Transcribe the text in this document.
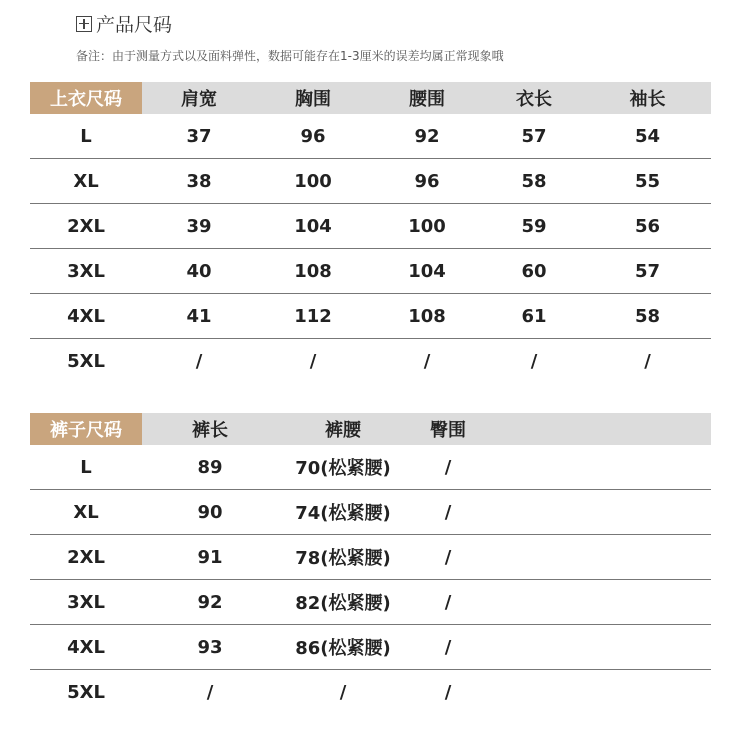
产品尺码
备注：由于测量方式以及面料弹性，数据可能存在1-3厘米的误差均属正常现象哦
上衣尺码	肩宽	胸围	腰围	衣长	袖长
L	37	96	92	57	54
XL	38	100	96	58	55
2XL	39	104	100	59	56
3XL	40	108	104	60	57
4XL	41	112	108	61	58
5XL	/	/	/	/	/
裤子尺码	裤长	裤腰	臀围	
L	89	70(松紧腰)	/	
XL	90	74(松紧腰)	/	
2XL	91	78(松紧腰)	/	
3XL	92	82(松紧腰)	/	
4XL	93	86(松紧腰)	/	
5XL	/	/	/	
